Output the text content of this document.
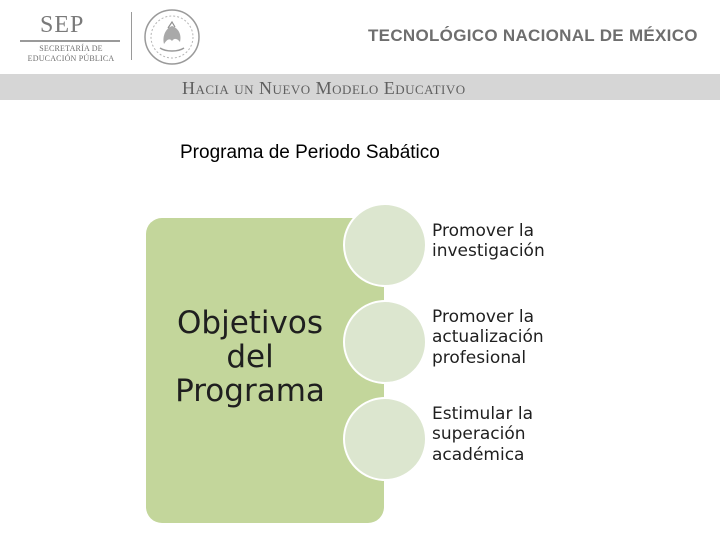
SEP
SECRETARÍA DE
EDUCACIÓN PÚBLICA
TECNOLÓGICO NACIONAL DE MÉXICO
Hacia un Nuevo Modelo Educativo
Programa de Periodo Sabático
Objetivos
del
Programa
Promover la
investigación
Promover la
actualización
profesional
Estimular la
superación
académica
